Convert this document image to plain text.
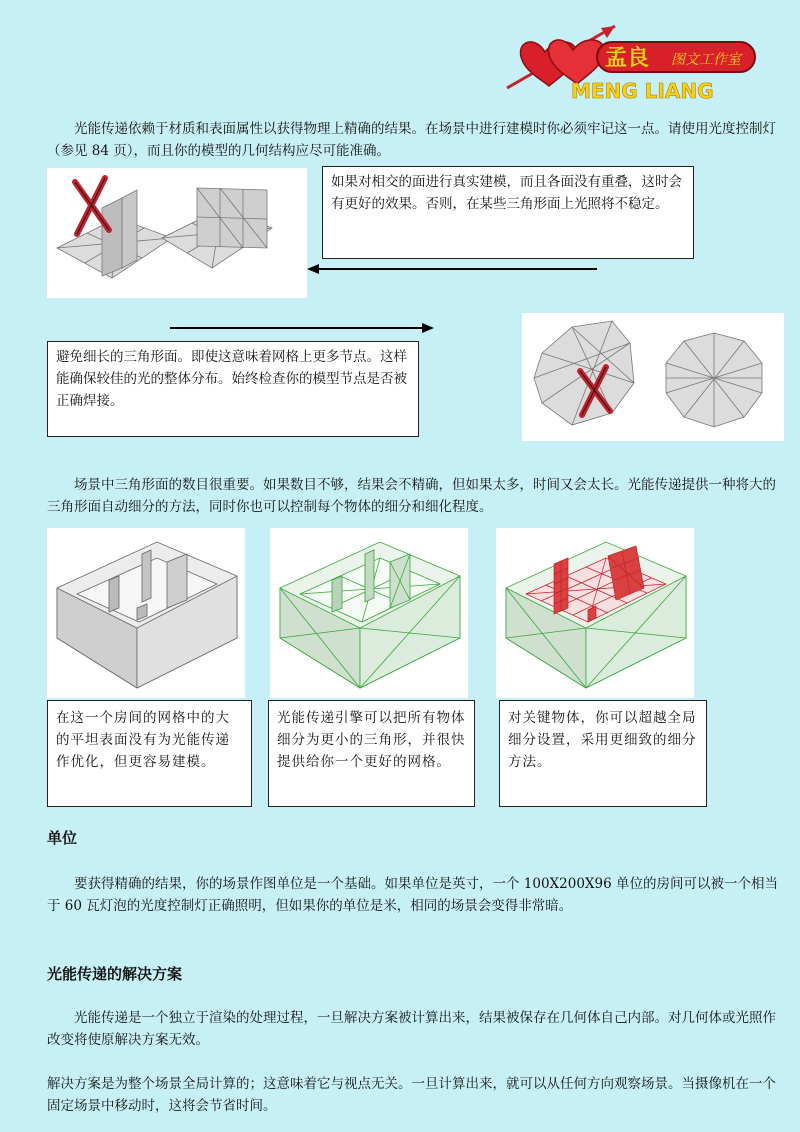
孟良 图文工作室
MENG LIANG

光能传递依赖于材质和表面属性以获得物理上精确的结果。在场景中进行建模时你必须牢记这一点。请使用光度控制灯（参见 84 页），而且你的模型的几何结构应尽可能准确。

如果对相交的面进行真实建模，而且各面没有重叠，这时会有更好的效果。否则，在某些三角形面上光照将不稳定。
避免细长的三角形面。即使这意味着网格上更多节点。这样能确保较佳的光的整体分布。始终检查你的模型节点是否被正确焊接。

场景中三角形面的数目很重要。如果数目不够，结果会不精确，但如果太多，时间又会太长。光能传递提供一种将大的三角形面自动细分的方法，同时你也可以控制每个物体的细分和细化程度。

在这一个房间的网格中的大的平坦表面没有为光能传递作优化，但更容易建模。
光能传递引擎可以把所有物体细分为更小的三角形，并很快提供给你一个更好的网格。
对关键物体，你可以超越全局细分设置，采用更细致的细分方法。
单位

要获得精确的结果，你的场景作图单位是一个基础。如果单位是英寸，一个 100X200X96 单位的房间可以被一个相当于 60 瓦灯泡的光度控制灯正确照明，但如果你的单位是米，相同的场景会变得非常暗。

光能传递的解决方案

光能传递是一个独立于渲染的处理过程，一旦解决方案被计算出来，结果被保存在几何体自己内部。对几何体或光照作改变将使原解决方案无效。

解决方案是为整个场景全局计算的；这意味着它与视点无关。一旦计算出来，就可以从任何方向观察场景。当摄像机在一个固定场景中移动时，这将会节省时间。
